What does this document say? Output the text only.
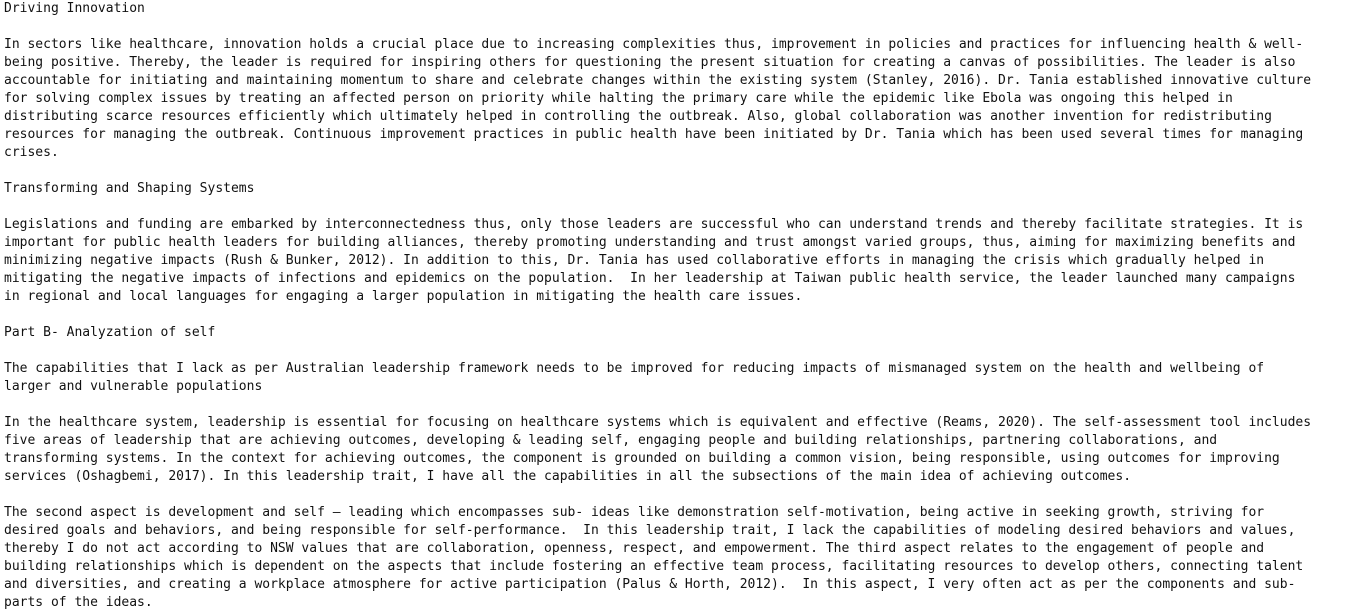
Driving Innovation

In sectors like healthcare, innovation holds a crucial place due to increasing complexities thus, improvement in policies and practices for influencing health & well-

being positive. Thereby, the leader is required for inspiring others for questioning the present situation for creating a canvas of possibilities. The leader is also

accountable for initiating and maintaining momentum to share and celebrate changes within the existing system (Stanley, 2016). Dr. Tania established innovative culture

for solving complex issues by treating an affected person on priority while halting the primary care while the epidemic like Ebola was ongoing this helped in

distributing scarce resources efficiently which ultimately helped in controlling the outbreak. Also, global collaboration was another invention for redistributing

resources for managing the outbreak. Continuous improvement practices in public health have been initiated by Dr. Tania which has been used several times for managing

crises.

Transforming and Shaping Systems

Legislations and funding are embarked by interconnectedness thus, only those leaders are successful who can understand trends and thereby facilitate strategies. It is

important for public health leaders for building alliances, thereby promoting understanding and trust amongst varied groups, thus, aiming for maximizing benefits and

minimizing negative impacts (Rush & Bunker, 2012). In addition to this, Dr. Tania has used collaborative efforts in managing the crisis which gradually helped in

mitigating the negative impacts of infections and epidemics on the population.  In her leadership at Taiwan public health service, the leader launched many campaigns

in regional and local languages for engaging a larger population in mitigating the health care issues.

Part B- Analyzation of self

The capabilities that I lack as per Australian leadership framework needs to be improved for reducing impacts of mismanaged system on the health and wellbeing of

larger and vulnerable populations

In the healthcare system, leadership is essential for focusing on healthcare systems which is equivalent and effective (Reams, 2020). The self-assessment tool includes

five areas of leadership that are achieving outcomes, developing & leading self, engaging people and building relationships, partnering collaborations, and

transforming systems. In the context for achieving outcomes, the component is grounded on building a common vision, being responsible, using outcomes for improving

services (Oshagbemi, 2017). In this leadership trait, I have all the capabilities in all the subsections of the main idea of achieving outcomes.

The second aspect is development and self – leading which encompasses sub- ideas like demonstration self-motivation, being active in seeking growth, striving for

desired goals and behaviors, and being responsible for self-performance.  In this leadership trait, I lack the capabilities of modeling desired behaviors and values,

thereby I do not act according to NSW values that are collaboration, openness, respect, and empowerment. The third aspect relates to the engagement of people and

building relationships which is dependent on the aspects that include fostering an effective team process, facilitating resources to develop others, connecting talent

and diversities, and creating a workplace atmosphere for active participation (Palus & Horth, 2012).  In this aspect, I very often act as per the components and sub-

parts of the ideas.
